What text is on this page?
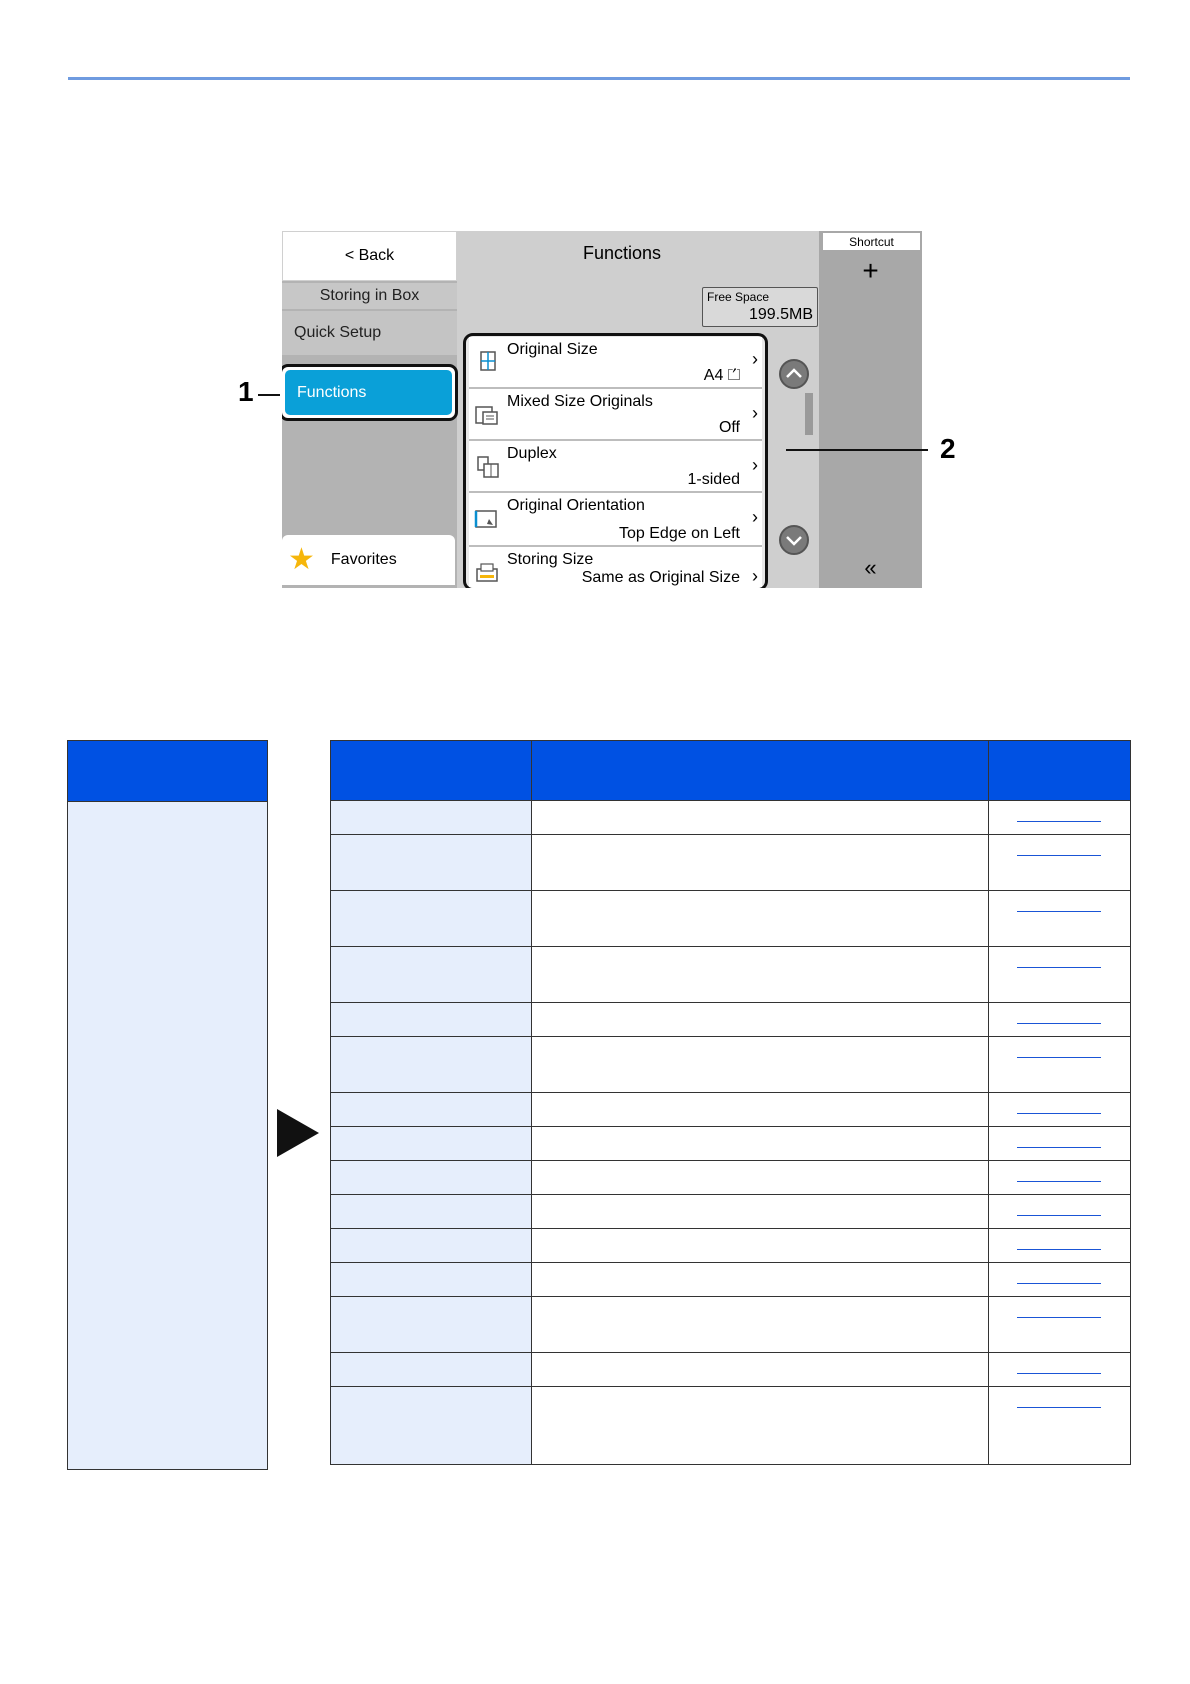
< Back
Storing in Box
Quick Setup
Functions
★ Favorites
Functions
Free Space
199.5MB
Original Size
A4 ⏍
›
Mixed Size Originals
Off
›
Duplex
1-sided
›
Original Orientation
Top Edge on Left
›
Storing Size
Same as Original Size ›
Shortcut
+
«
1
2
